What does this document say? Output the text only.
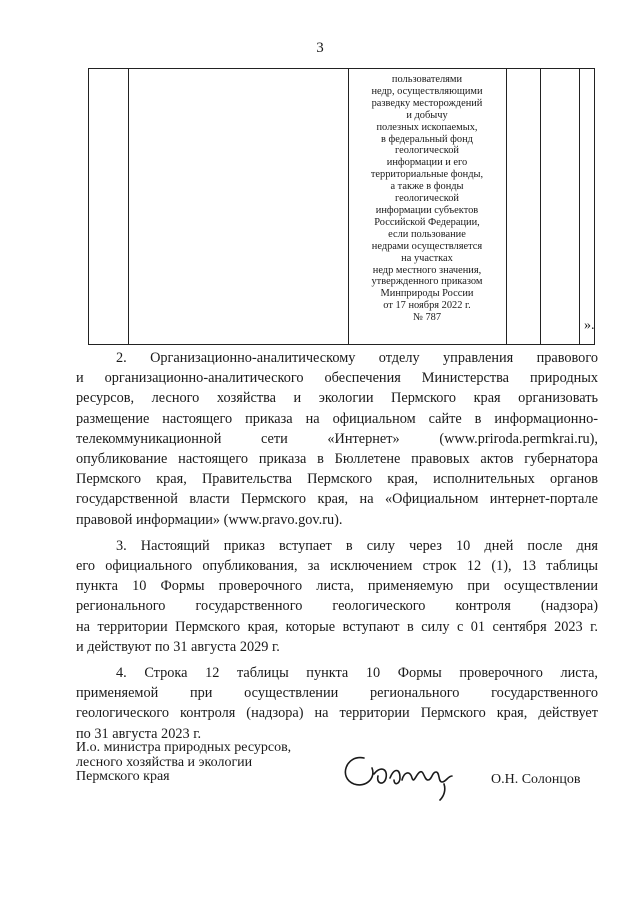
3
пользователями
недр, осуществляющими
разведку месторождений
и добычу
полезных ископаемых,
в федеральный фонд
геологической
информации и его
территориальные фонды,
а также в фонды
геологической
информации субъектов
Российской Федерации,
если пользование
недрами осуществляется
на участках
недр местного значения,
утвержденного приказом
Минприроды России
от 17 ноября 2022 г.
№ 787
».
2. Организационно-аналитическому отделу управления правового
и организационно-аналитического обеспечения Министерства природных
ресурсов, лесного хозяйства и экологии Пермского края организовать
размещение настоящего приказа на официальном сайте в информационно-
телекоммуникационной сети «Интернет» (www.priroda.permkrai.ru),
опубликование настоящего приказа в Бюллетене правовых актов губернатора
Пермского края, Правительства Пермского края, исполнительных органов
государственной власти Пермского края, на «Официальном интернет-портале
правовой информации» (www.pravo.gov.ru).
3. Настоящий приказ вступает в силу через 10 дней после дня
его официального опубликования, за исключением строк 12 (1), 13 таблицы
пункта 10 Формы проверочного листа, применяемую при осуществлении
регионального государственного геологического контроля (надзора)
на территории Пермского края, которые вступают в силу с 01 сентября 2023 г.
и действуют по 31 августа 2029 г.
4. Строка 12 таблицы пункта 10 Формы проверочного листа,
применяемой при осуществлении регионального государственного
геологического контроля (надзора) на территории Пермского края, действует
по 31 августа 2023 г.
И.о. министра природных ресурсов,
лесного хозяйства и экологии
Пермского края	О.Н. Солонцов
